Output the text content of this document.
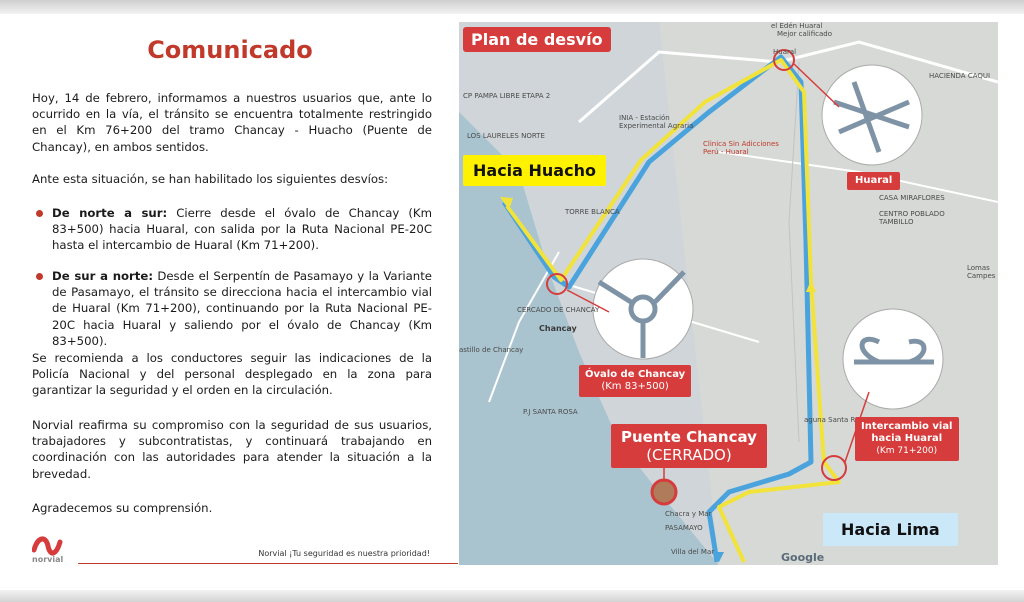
Comunicado

Hoy, 14 de febrero, informamos a nuestros usuarios que, ante lo ocurrido en la vía, el tránsito se encuentra totalmente restringido en el Km 76+200 del tramo Chancay - Huacho (Puente de Chancay), en ambos sentidos.

Ante esta situación, se han habilitado los siguientes desvíos:

De norte a sur: Cierre desde el óvalo de Chancay (Km 83+500) hacia Huaral, con salida por la Ruta Nacional PE-20C hasta el intercambio de Huaral (Km 71+200).
De sur a norte: Desde el Serpentín de Pasamayo y la Variante de Pasamayo, el tránsito se direcciona hacia el intercambio vial de Huaral (Km 71+200), continuando por la Ruta Nacional PE-20C hacia Huaral y saliendo por el óvalo de Chancay (Km 83+500).

Se recomienda a los conductores seguir las indicaciones de la Policía Nacional y del personal desplegado en la zona para garantizar la seguridad y el orden en la circulación.

Norvial reafirma su compromiso con la seguridad de sus usuarios, trabajadores y subcontratistas, y continuará trabajando en coordinación con las autoridades para atender la situación a la brevedad.

Agradecemos su comprensión.

norvial
Norvial ¡Tu seguridad es nuestra prioridad!
Plan de desvío
Hacia Huacho
Hacia Lima
Puente Chancay
(CERRADO)
Óvalo de Chancay
(Km 83+500)
Huaral
Intercambio vial
hacia Huaral
(Km 71+200)
el Edén Huaral
Mejor calificado
Huaral
HACIENDA CAQUI
LOS LAURELES NORTE
CP PAMPA LIBRE ETAPA 2
INIA - Estación Experimental Agraria
Clinica Sin Adicciones Perú - Huaral
TORRE BLANCA
CERCADO DE CHANCAY
Chancay
astillo de Chancay
P.J SANTA ROSA
CASA MIRAFLORES
CENTRO POBLADO TAMBILLO
Lomas Campes
aguna Santa R
Chacra y Mar
PASAMAYO
Villa del Mar	Google
